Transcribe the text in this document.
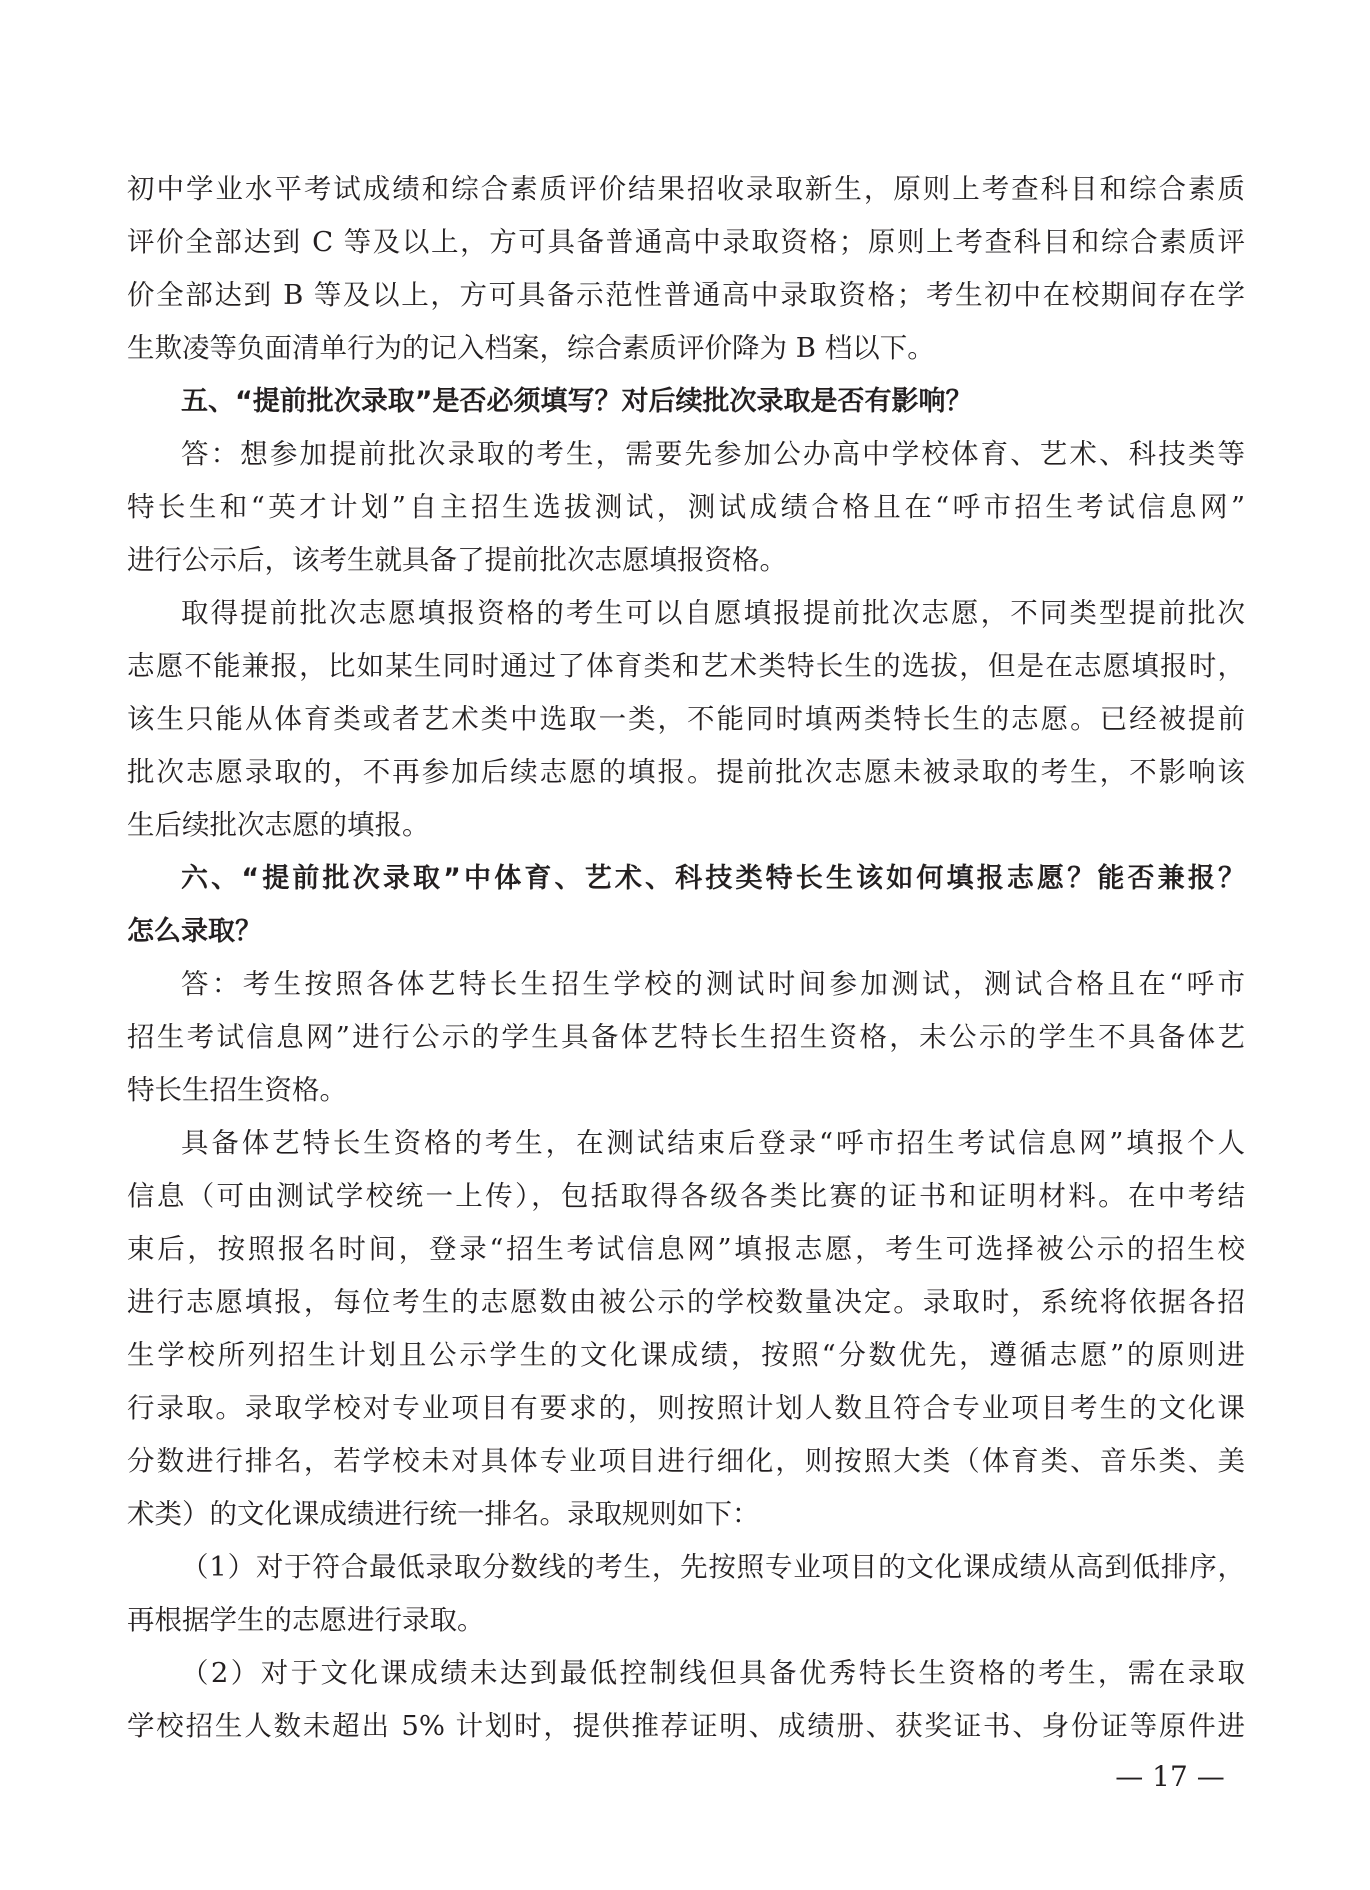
初中学业水平考试成绩和综合素质评价结果招收录取新生，原则上考查科目和综合素质
评价全部达到 C 等及以上，方可具备普通高中录取资格；原则上考查科目和综合素质评
价全部达到 B 等及以上，方可具备示范性普通高中录取资格；考生初中在校期间存在学
生欺凌等负面清单行为的记入档案，综合素质评价降为 B 档以下。
五、“提前批次录取”是否必须填写？对后续批次录取是否有影响？
答：想参加提前批次录取的考生，需要先参加公办高中学校体育、艺术、科技类等
特长生和“英才计划”自主招生选拔测试，测试成绩合格且在“呼市招生考试信息网”
进行公示后，该考生就具备了提前批次志愿填报资格。
取得提前批次志愿填报资格的考生可以自愿填报提前批次志愿，不同类型提前批次
志愿不能兼报，比如某生同时通过了体育类和艺术类特长生的选拔，但是在志愿填报时，
该生只能从体育类或者艺术类中选取一类，不能同时填两类特长生的志愿。已经被提前
批次志愿录取的，不再参加后续志愿的填报。提前批次志愿未被录取的考生，不影响该
生后续批次志愿的填报。
六、“提前批次录取”中体育、艺术、科技类特长生该如何填报志愿？能否兼报？
怎么录取？
答：考生按照各体艺特长生招生学校的测试时间参加测试，测试合格且在“呼市
招生考试信息网”进行公示的学生具备体艺特长生招生资格，未公示的学生不具备体艺
特长生招生资格。
具备体艺特长生资格的考生，在测试结束后登录“呼市招生考试信息网”填报个人
信息（可由测试学校统一上传），包括取得各级各类比赛的证书和证明材料。在中考结
束后，按照报名时间，登录“招生考试信息网”填报志愿，考生可选择被公示的招生校
进行志愿填报，每位考生的志愿数由被公示的学校数量决定。录取时，系统将依据各招
生学校所列招生计划且公示学生的文化课成绩，按照“分数优先，遵循志愿”的原则进
行录取。录取学校对专业项目有要求的，则按照计划人数且符合专业项目考生的文化课
分数进行排名，若学校未对具体专业项目进行细化，则按照大类（体育类、音乐类、美
术类）的文化课成绩进行统一排名。录取规则如下：
（1）对于符合最低录取分数线的考生，先按照专业项目的文化课成绩从高到低排序，
再根据学生的志愿进行录取。
（2）对于文化课成绩未达到最低控制线但具备优秀特长生资格的考生，需在录取
学校招生人数未超出 5% 计划时，提供推荐证明、成绩册、获奖证书、身份证等原件进
— 17 —
